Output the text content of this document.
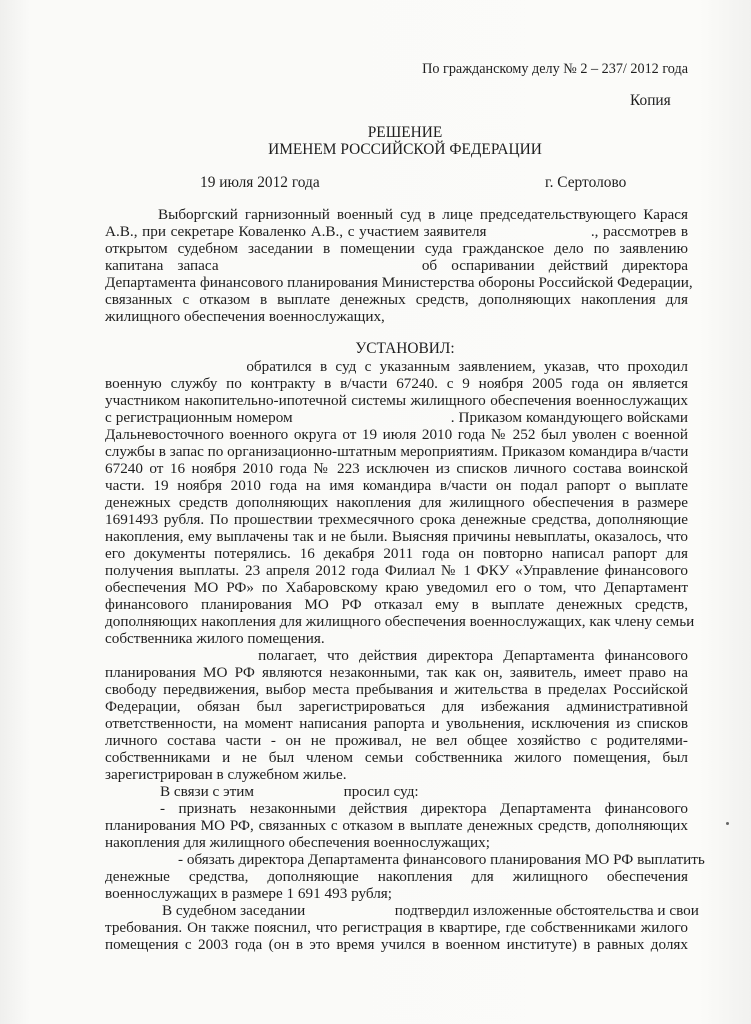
По гражданскому делу № 2 – 237/ 2012 года
Копия
РЕШЕНИЕ
ИМЕНЕМ РОССИЙСКОЙ ФЕДЕРАЦИИ
19 июля 2012 года	г. Сертолово
Выборгский гарнизонный военный суд в лице председательствующего Карася
А.В., при секретаре Коваленко А.В., с участием заявителя	., рассмотрев в
открытом судебном заседании в помещении суда гражданское дело по заявлению
капитана запаса	об оспаривании действий директора
Департамента финансового планирования Министерства обороны Российской Федерации,
связанных с отказом в выплате денежных средств, дополняющих накопления для
жилищного обеспечения военнослужащих,
УСТАНОВИЛ:
обратился в суд с указанным заявлением, указав, что проходил
военную службу по контракту в в/части 67240. с 9 ноября 2005 года он является
участником накопительно-ипотечной системы жилищного обеспечения военнослужащих
с регистрационным номером	. Приказом командующего войсками
Дальневосточного военного округа от 19 июля 2010 года № 252 был уволен с военной
службы в запас по организационно-штатным мероприятиям. Приказом командира в/части
67240 от 16 ноября 2010 года № 223 исключен из списков личного состава воинской
части. 19 ноября 2010 года на имя командира в/части он подал рапорт о выплате
денежных средств дополняющих накопления для жилищного обеспечения в размере
1691493 рубля. По прошествии трехмесячного срока денежные средства, дополняющие
накопления, ему выплачены так и не были. Выясняя причины невыплаты, оказалось, что
его документы потерялись. 16 декабря 2011 года он повторно написал рапорт для
получения выплаты. 23 апреля 2012 года Филиал № 1 ФКУ «Управление финансового
обеспечения МО РФ» по Хабаровскому краю уведомил его о том, что Департамент
финансового планирования МО РФ отказал ему в выплате денежных средств,
дополняющих накопления для жилищного обеспечения военнослужащих, как члену семьи
собственника жилого помещения.
полагает, что действия директора Департамента финансового
планирования МО РФ являются незаконными, так как он, заявитель, имеет право на
свободу передвижения, выбор места пребывания и жительства в пределах Российской
Федерации, обязан был зарегистрироваться для избежания административной
ответственности, на момент написания рапорта и увольнения, исключения из списков
личного состава части - он не проживал, не вел общее хозяйство с родителями-
собственниками и не был членом семьи собственника жилого помещения, был
зарегистрирован в служебном жилье.
В связи с этим	просил суд:
- признать незаконными действия директора Департамента финансового
планирования МО РФ, связанных с отказом в выплате денежных средств, дополняющих
накопления для жилищного обеспечения военнослужащих;
- обязать директора Департамента финансового планирования МО РФ выплатить
денежные средства, дополняющие накопления для жилищного обеспечения
военнослужащих в размере 1 691 493 рубля;
В судебном заседании	подтвердил изложенные обстоятельства и свои
требования. Он также пояснил, что регистрация в квартире, где собственниками жилого
помещения с 2003 года (он в это время учился в военном институте) в равных долях
